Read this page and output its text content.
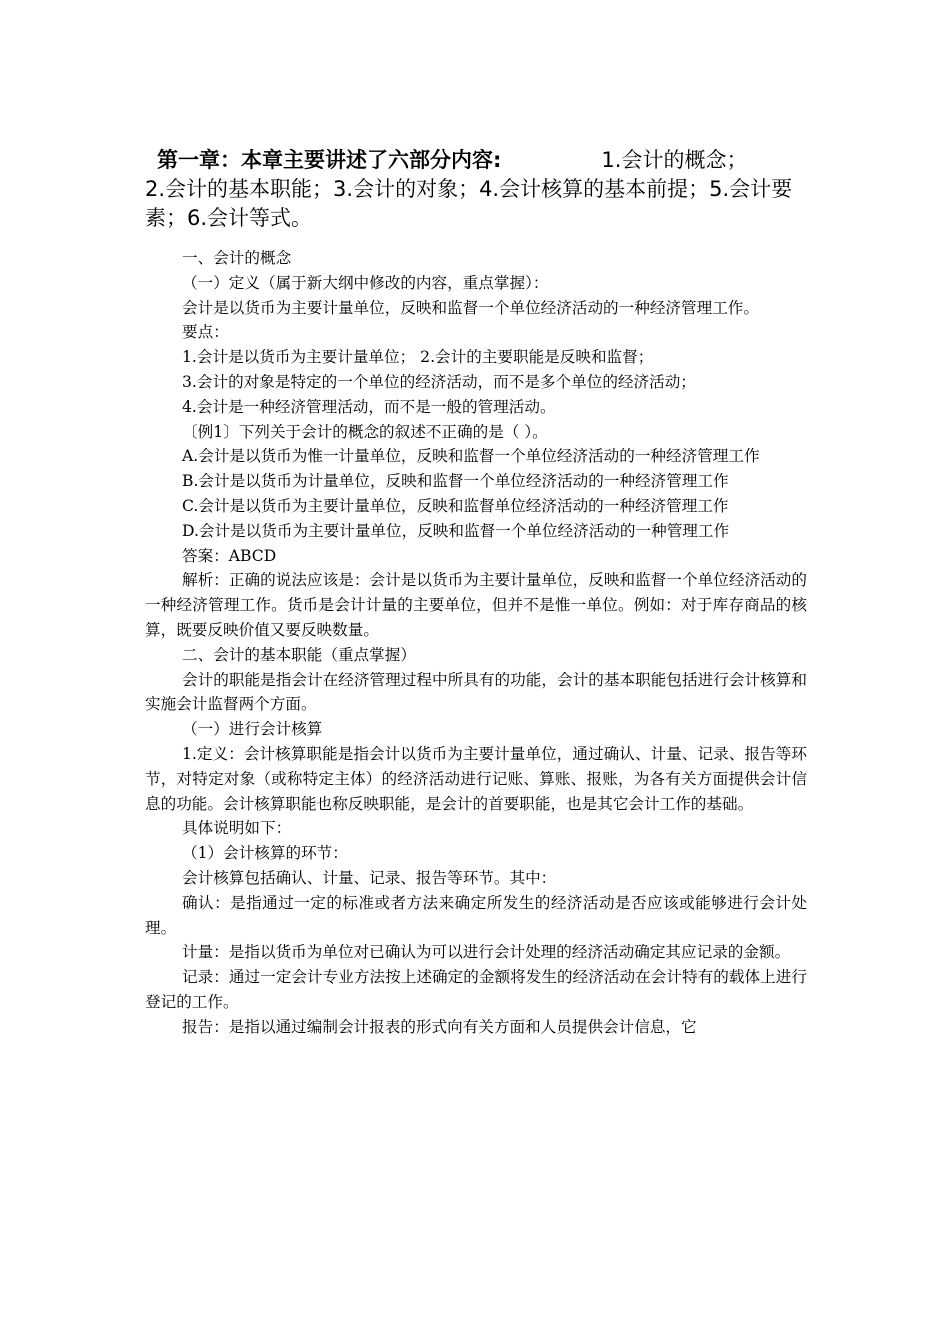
第一章：本章主要讲述了六部分内容:	1.会计的概念；
2.会计的基本职能；3.会计的对象；4.会计核算的基本前提；5.会计要素；6.会计等式。

一、会计的概念

（一）定义（属于新大纲中修改的内容，重点掌握）：

会计是以货币为主要计量单位，反映和监督一个单位经济活动的一种经济管理工作。

要点：

1.会计是以货币为主要计量单位； 2.会计的主要职能是反映和监督；

3.会计的对象是特定的一个单位的经济活动，而不是多个单位的经济活动；

4.会计是一种经济管理活动，而不是一般的管理活动。

〔例1〕下列关于会计的概念的叙述不正确的是（ ）。

A.会计是以货币为惟一计量单位，反映和监督一个单位经济活动的一种经济管理工作

B.会计是以货币为计量单位，反映和监督一个单位经济活动的一种经济管理工作

C.会计是以货币为主要计量单位，反映和监督单位经济活动的一种经济管理工作

D.会计是以货币为主要计量单位，反映和监督一个单位经济活动的一种管理工作

答案：ABCD

解析：正确的说法应该是：会计是以货币为主要计量单位，反映和监督一个单位经济活动的一种经济管理工作。货币是会计计量的主要单位，但并不是惟一单位。例如：对于库存商品的核算，既要反映价值又要反映数量。

二、会计的基本职能（重点掌握）

会计的职能是指会计在经济管理过程中所具有的功能，会计的基本职能包括进行会计核算和实施会计监督两个方面。

（一）进行会计核算

1.定义：会计核算职能是指会计以货币为主要计量单位，通过确认、计量、记录、报告等环节，对特定对象（或称特定主体）的经济活动进行记账、算账、报账，为各有关方面提供会计信息的功能。会计核算职能也称反映职能，是会计的首要职能，也是其它会计工作的基础。

具体说明如下：

（1）会计核算的环节：

会计核算包括确认、计量、记录、报告等环节。其中：

确认：是指通过一定的标准或者方法来确定所发生的经济活动是否应该或能够进行会计处理。

计量：是指以货币为单位对已确认为可以进行会计处理的经济活动确定其应记录的金额。

记录：通过一定会计专业方法按上述确定的金额将发生的经济活动在会计特有的载体上进行登记的工作。

报告：是指以通过编制会计报表的形式向有关方面和人员提供会计信息，它
